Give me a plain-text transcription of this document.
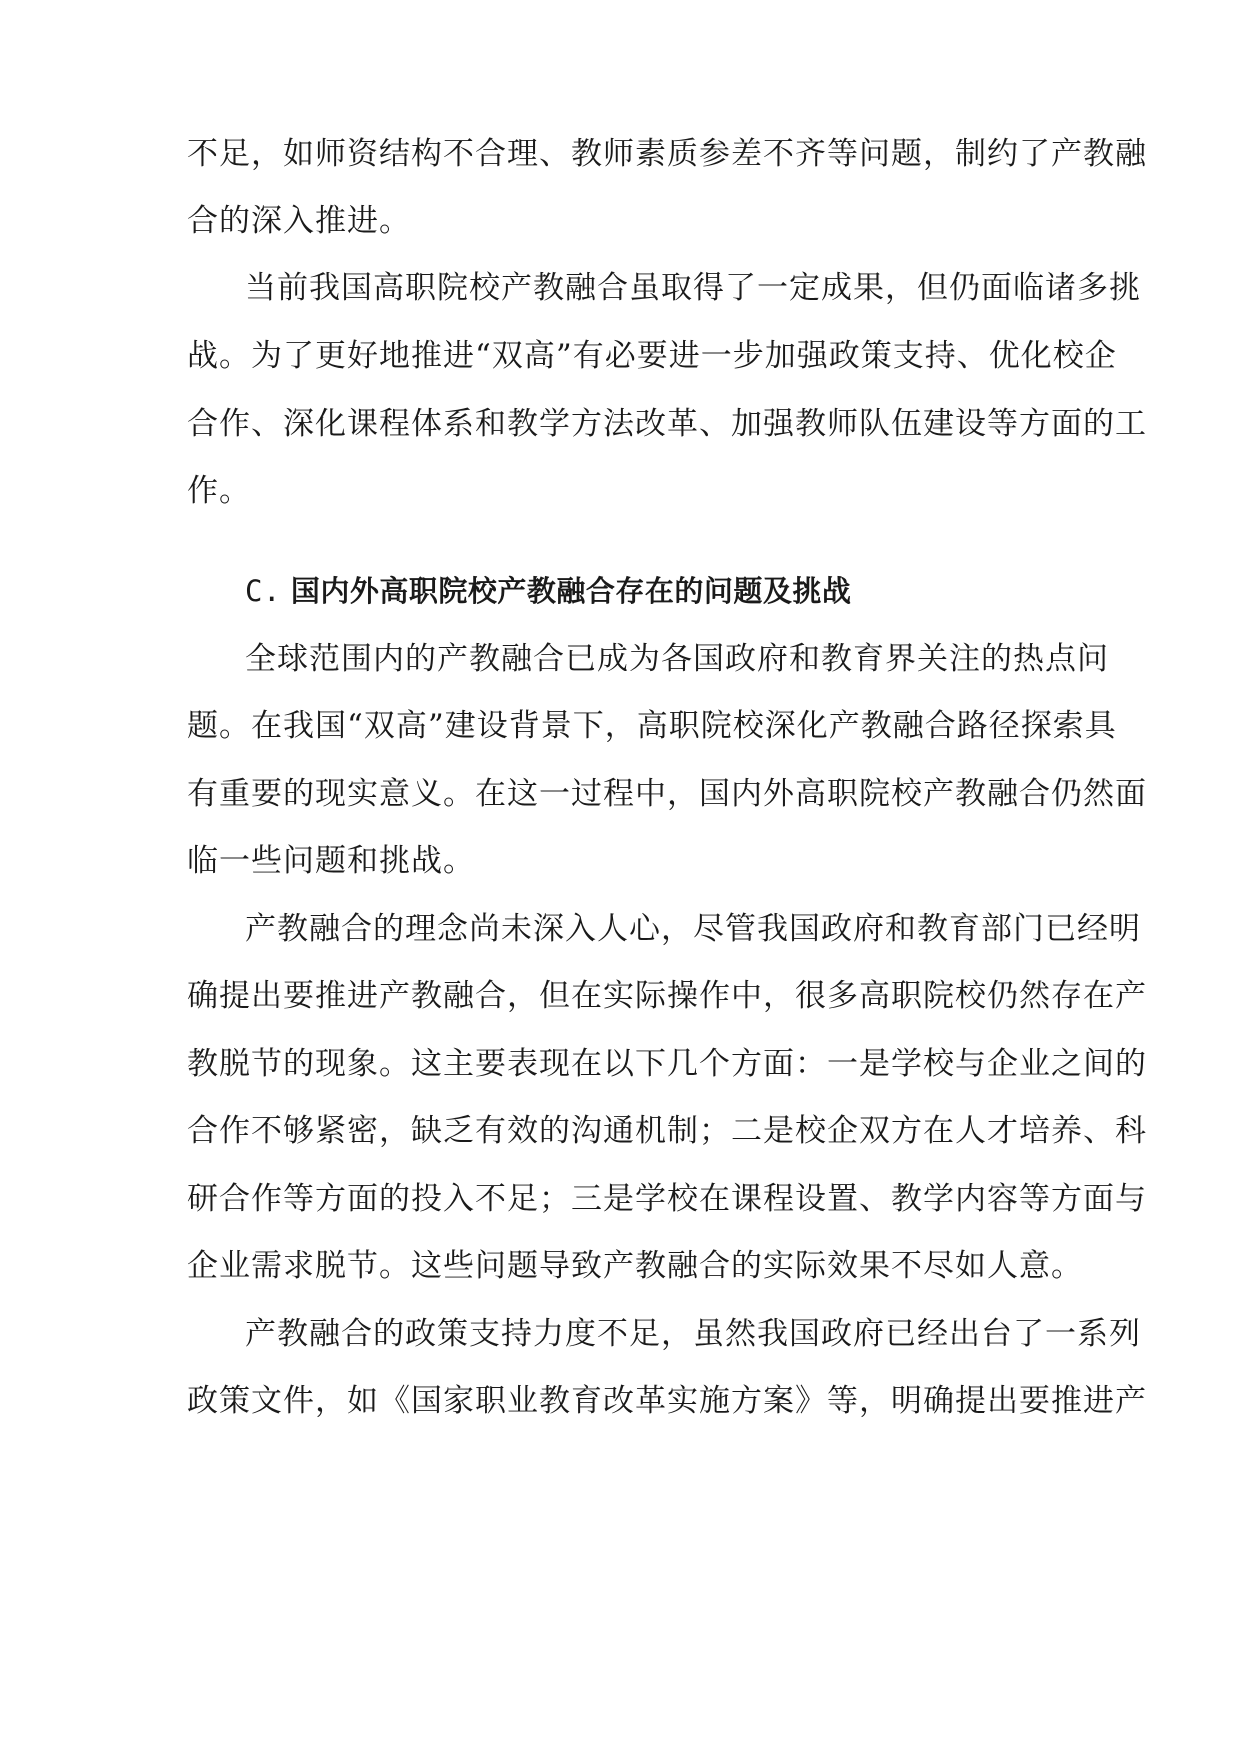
不足，如师资结构不合理、教师素质参差不齐等问题，制约了产教融
合的深入推进。
当前我国高职院校产教融合虽取得了一定成果，但仍面临诸多挑
战。为了更好地推进“双高”有必要进一步加强政策支持、优化校企
合作、深化课程体系和教学方法改革、加强教师队伍建设等方面的工
作。
C. 国内外高职院校产教融合存在的问题及挑战
全球范围内的产教融合已成为各国政府和教育界关注的热点问
题。在我国“双高”建设背景下，高职院校深化产教融合路径探索具
有重要的现实意义。在这一过程中，国内外高职院校产教融合仍然面
临一些问题和挑战。
产教融合的理念尚未深入人心，尽管我国政府和教育部门已经明
确提出要推进产教融合，但在实际操作中，很多高职院校仍然存在产
教脱节的现象。这主要表现在以下几个方面：一是学校与企业之间的
合作不够紧密，缺乏有效的沟通机制；二是校企双方在人才培养、科
研合作等方面的投入不足；三是学校在课程设置、教学内容等方面与
企业需求脱节。这些问题导致产教融合的实际效果不尽如人意。
产教融合的政策支持力度不足，虽然我国政府已经出台了一系列
政策文件，如《国家职业教育改革实施方案》等，明确提出要推进产
